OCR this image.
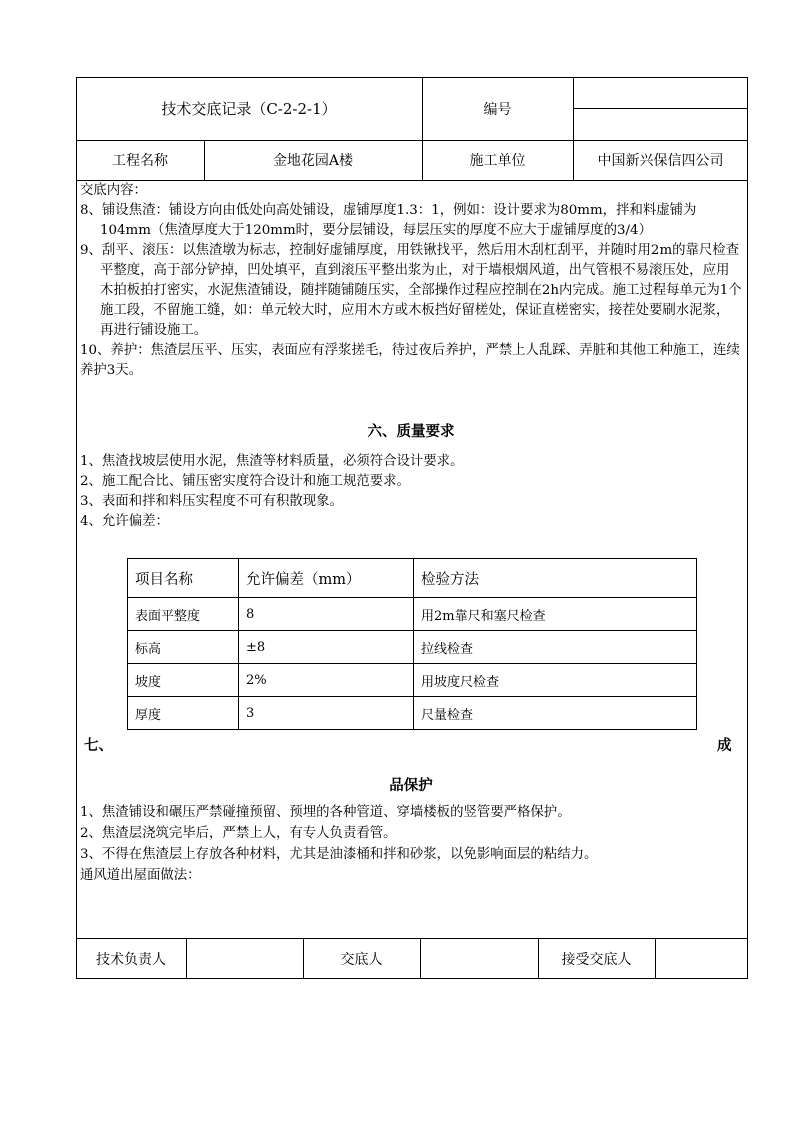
技术交底记录（C-2-2-1）	编号
工程名称	金地花园A楼	施工单位	中国新兴保信四公司

交底内容：

8、铺设焦渣：铺设方向由低处向高处铺设，虚铺厚度1.3：1，例如：设计要求为80mm，拌和料虚铺为104mm（焦渣厚度大于120mm时，要分层铺设，每层压实的厚度不应大于虚铺厚度的3/4）

9、刮平、滚压：以焦渣墩为标志，控制好虚铺厚度，用铁锹找平，然后用木刮杠刮平，并随时用2m的靠尺检查平整度，高于部分铲掉，凹处填平，直到滚压平整出浆为止，对于墙根烟风道，出气管根不易滚压处，应用木拍板拍打密实，水泥焦渣铺设，随拌随铺随压实，全部操作过程应控制在2h内完成。施工过程每单元为1个施工段，不留施工缝，如：单元较大时，应用木方或木板挡好留槎处，保证直槎密实，接茬处要刷水泥浆，再进行铺设施工。

10、养护：焦渣层压平、压实，表面应有浮浆搓毛，待过夜后养护，严禁上人乱踩、弄脏和其他工种施工，连续养护3天。

六、质量要求

1、焦渣找坡层使用水泥，焦渣等材料质量，必须符合设计要求。

2、施工配合比、铺压密实度符合设计和施工规范要求。

3、表面和拌和料压实程度不可有积散现象。

4、允许偏差：

项目名称	允许偏差（mm）	检验方法
表面平整度	8	用2m靠尺和塞尺检查
标高	±8	拉线检查
坡度	2%	用坡度尺检查
厚度	3	尺量检查
七、	成
品保护

1、焦渣铺设和碾压严禁碰撞预留、预埋的各种管道、穿墙楼板的竖管要严格保护。

2、焦渣层浇筑完毕后，严禁上人，有专人负责看管。

3、不得在焦渣层上存放各种材料，尤其是油漆桶和拌和砂浆，以免影响面层的粘结力。

通风道出屋面做法：

技术负责人	交底人	接受交底人
